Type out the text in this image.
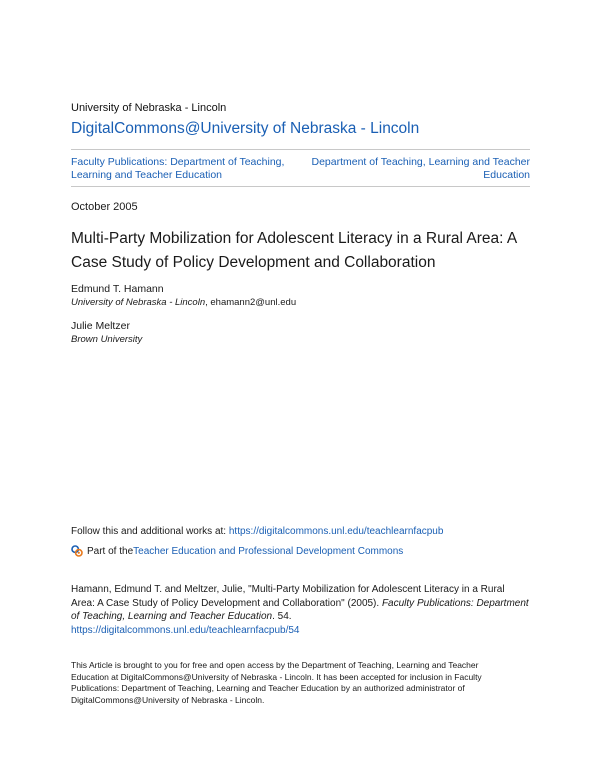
University of Nebraska - Lincoln
DigitalCommons@University of Nebraska - Lincoln
Faculty Publications: Department of Teaching, Learning and Teacher Education
Department of Teaching, Learning and Teacher Education
October 2005
Multi-Party Mobilization for Adolescent Literacy in a Rural Area: A Case Study of Policy Development and Collaboration
Edmund T. Hamann
University of Nebraska - Lincoln, ehamann2@unl.edu
Julie Meltzer
Brown University
Follow this and additional works at: https://digitalcommons.unl.edu/teachlearnfacpub
Part of the Teacher Education and Professional Development Commons
Hamann, Edmund T. and Meltzer, Julie, "Multi-Party Mobilization for Adolescent Literacy in a Rural Area: A Case Study of Policy Development and Collaboration" (2005). Faculty Publications: Department of Teaching, Learning and Teacher Education. 54.
https://digitalcommons.unl.edu/teachlearnfacpub/54
This Article is brought to you for free and open access by the Department of Teaching, Learning and Teacher Education at DigitalCommons@University of Nebraska - Lincoln. It has been accepted for inclusion in Faculty Publications: Department of Teaching, Learning and Teacher Education by an authorized administrator of DigitalCommons@University of Nebraska - Lincoln.
